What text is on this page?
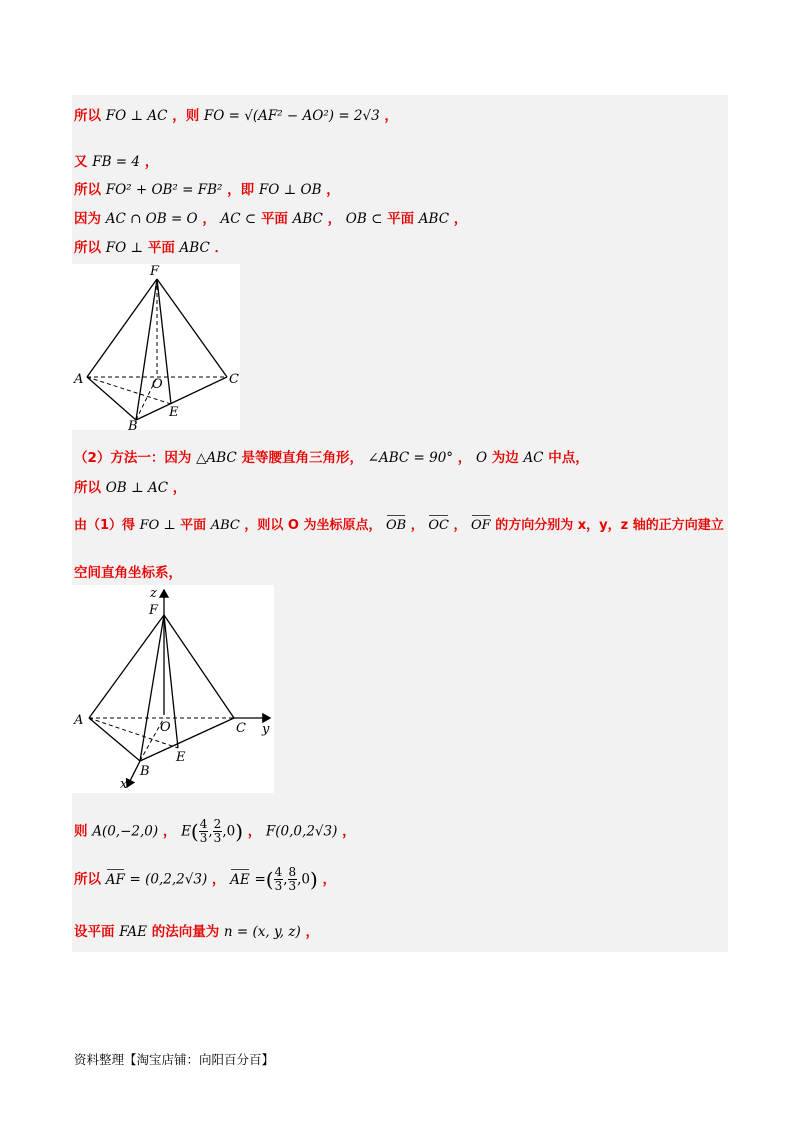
所以 FO ⊥ AC ，则 FO = √(AF² − AO²) = 2√3 ，
又 FB = 4 ，
所以 FO² + OB² = FB² ，即 FO ⊥ OB ，
因为 AC ∩ OB = O ， AC ⊂ 平面 ABC ， OB ⊂ 平面 ABC ，
所以 FO ⊥ 平面 ABC ．
F
A	C
O
B
E
（2）方法一：因为 △ABC 是等腰直角三角形， ∠ABC = 90° ， O 为边 AC 中点，
所以 OB ⊥ AC ，
由（1）得 FO ⊥ 平面 ABC ，则以 O 为坐标原点， OB ， OC ， OF 的方向分别为 x，y，z 轴的正方向建立
空间直角坐标系，
z
F
A
C y
O
E
B
x
则 A(0,−2,0) ， $E( \frac{4}{3}$ , $\frac{2}{3} ,0$) ， F(0,0,2√3) ，
所以 AF = (0,2,2√3) ， AE =( $\frac{4}{3}$ , $\frac{8}{3} ,0$) ，
设平面 FAE 的法向量为 n = (x, y, z) ，
资料整理【淘宝店铺：向阳百分百】
